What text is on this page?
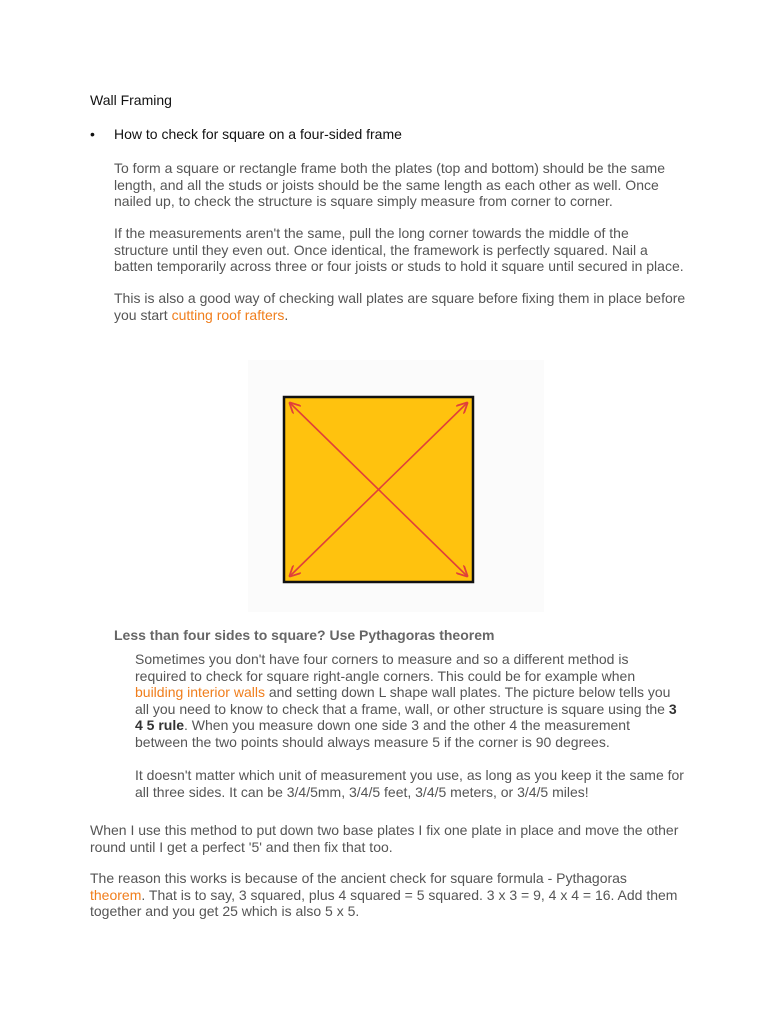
Wall Framing
• How to check for square on a four-sided frame
To form a square or rectangle frame both the plates (top and bottom) should be the same length, and all the studs or joists should be the same length as each other as well. Once nailed up, to check the structure is square simply measure from corner to corner.
If the measurements aren't the same, pull the long corner towards the middle of the structure until they even out. Once identical, the framework is perfectly squared. Nail a batten temporarily across three or four joists or studs to hold it square until secured in place.
This is also a good way of checking wall plates are square before fixing them in place before you start cutting roof rafters.
Less than four sides to square? Use Pythagoras theorem
Sometimes you don't have four corners to measure and so a different method is required to check for square right-angle corners. This could be for example when building interior walls and setting down L shape wall plates. The picture below tells you all you need to know to check that a frame, wall, or other structure is square using the 3 4 5 rule. When you measure down one side 3 and the other 4 the measurement between the two points should always measure 5 if the corner is 90 degrees.
It doesn't matter which unit of measurement you use, as long as you keep it the same for all three sides. It can be 3/4/5mm, 3/4/5 feet, 3/4/5 meters, or 3/4/5 miles!
When I use this method to put down two base plates I fix one plate in place and move the other round until I get a perfect '5' and then fix that too.
The reason this works is because of the ancient check for square formula - Pythagoras theorem. That is to say, 3 squared, plus 4 squared = 5 squared. 3 x 3 = 9, 4 x 4 = 16. Add them together and you get 25 which is also 5 x 5.
